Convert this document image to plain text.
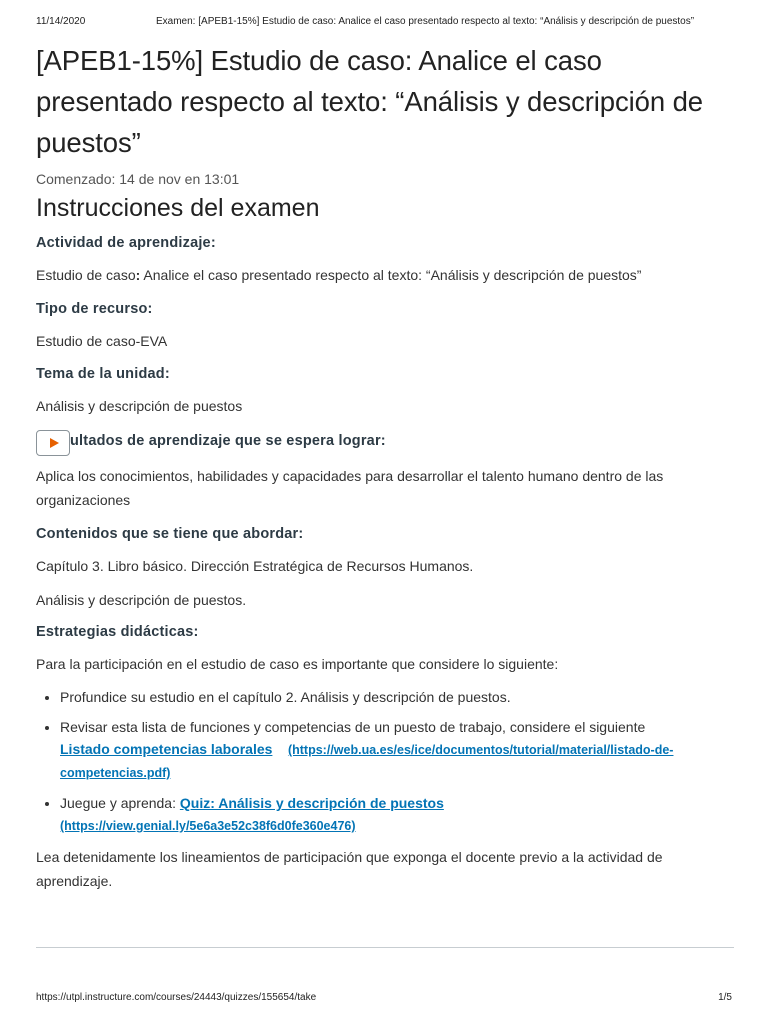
11/14/2020	Examen: [APEB1-15%] Estudio de caso: Analice el caso presentado respecto al texto: “Análisis y descripción de puestos”
[APEB1-15%] Estudio de caso: Analice el caso presentado respecto al texto: “Análisis y descripción de puestos”
Comenzado: 14 de nov en 13:01
Instrucciones del examen
Actividad de aprendizaje:
Estudio de caso: Analice el caso presentado respecto al texto: “Análisis y descripción de puestos”
Tipo de recurso:
Estudio de caso-EVA
Tema de la unidad:
Análisis y descripción de puestos
ultados de aprendizaje que se espera lograr:
Aplica los conocimientos, habilidades y capacidades para desarrollar el talento humano dentro de las organizaciones
Contenidos que se tiene que abordar:
Capítulo 3. Libro básico. Dirección Estratégica de Recursos Humanos.
Análisis y descripción de puestos.
Estrategias didácticas:
Para la participación en el estudio de caso es importante que considere lo siguiente:
• Profundice su estudio en el capítulo 2. Análisis y descripción de puestos.
• Revisar esta lista de funciones y competencias de un puesto de trabajo, considere el siguiente
Listado competencias laborales (https://web.ua.es/es/ice/documentos/tutorial/material/listado-de-competencias.pdf)
• Juegue y aprenda: Quiz: Análisis y descripción de puestos
(https://view.genial.ly/5e6a3e52c38f6d0fe360e476)
Lea detenidamente los lineamientos de participación que exponga el docente previo a la actividad de aprendizaje.
https://utpl.instructure.com/courses/24443/quizzes/155654/take	1/5
